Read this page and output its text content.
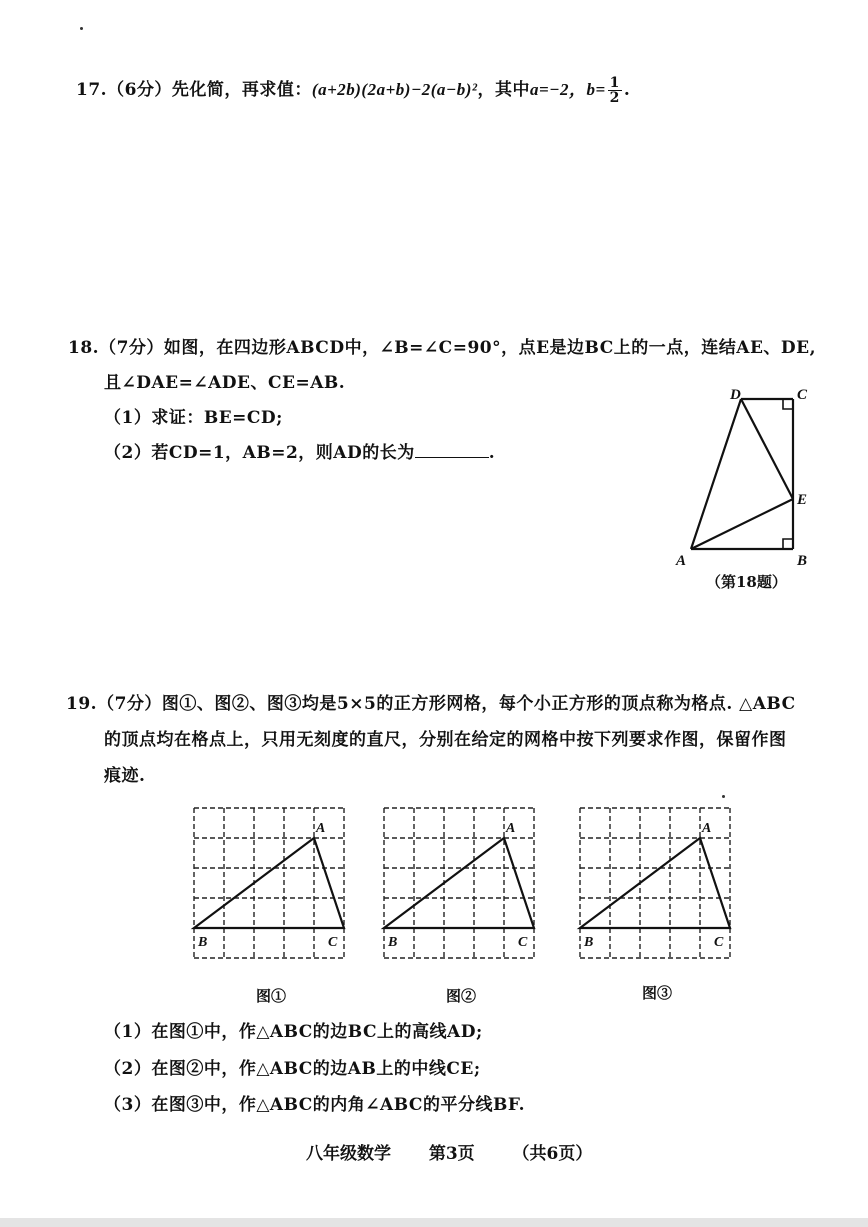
17.（6分）先化简，再求值：(a+2b)(2a+b)−2(a−b)²，其中a=−2，$b= \frac{1}{2}$ .
18.（7分）如图，在四边形ABCD中，∠B=∠C=90°，点E是边BC上的一点，连结AE、DE,
且∠DAE=∠ADE、CE=AB.
（1）求证：BE=CD;
（2）若CD=1，AB=2，则AD的长为	.
D	C
E
A	B
（第18题）
19.（7分）图①、图②、图③均是5×5的正方形网格，每个小正方形的顶点称为格点. △ABC
的顶点均在格点上，只用无刻度的直尺，分别在给定的网格中按下列要求作图，保留作图
痕迹.
A
B	C
A
B	C
A
B	C
图①	图②	图③
（1）在图①中，作△ABC的边BC上的高线AD;
（2）在图②中，作△ABC的边AB上的中线CE;
（3）在图③中，作△ABC的内角∠ABC的平分线BF.
八年级数学 第3页 （共6页）
